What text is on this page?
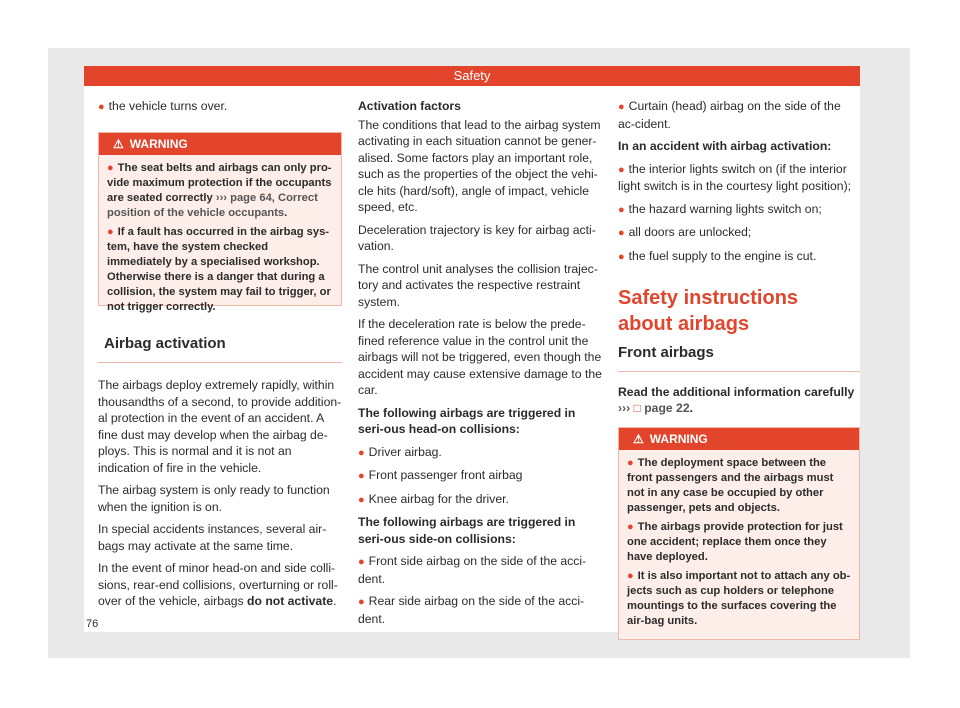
Safety

● the vehicle turns over.

⚠ WARNING
● The seat belts and airbags can only pro-vide maximum protection if the occupants are seated correctly ››› page 64, Correct position of the vehicle occupants.
● If a fault has occurred in the airbag sys-tem, have the system checked immediately by a specialised workshop. Otherwise there is a danger that during a collision, the system may fail to trigger, or not trigger correctly.
Airbag activation

The airbags deploy extremely rapidly, within thousandths of a second, to provide addition-al protection in the event of an accident. A fine dust may develop when the airbag de-ploys. This is normal and it is not an indication of fire in the vehicle.

The airbag system is only ready to function when the ignition is on.

In special accidents instances, several air-bags may activate at the same time.

In the event of minor head-on and side colli-sions, rear-end collisions, overturning or roll-over of the vehicle, airbags do not activate.

Activation factors

The conditions that lead to the airbag system activating in each situation cannot be gener-alised. Some factors play an important role, such as the properties of the object the vehi-cle hits (hard/soft), angle of impact, vehicle speed, etc.

Deceleration trajectory is key for airbag acti-vation.

The control unit analyses the collision trajec-tory and activates the respective restraint system.

If the deceleration rate is below the prede-fined reference value in the control unit the airbags will not be triggered, even though the accident may cause extensive damage to the car.

The following airbags are triggered in seri-ous head-on collisions:

● Driver airbag.

● Front passenger front airbag

● Knee airbag for the driver.

The following airbags are triggered in seri-ous side-on collisions:

● Front side airbag on the side of the acci-dent.

● Rear side airbag on the side of the acci-dent.

● Curtain (head) airbag on the side of the ac-cident.

In an accident with airbag activation:

● the interior lights switch on (if the interior light switch is in the courtesy light position);

● the hazard warning lights switch on;

● all doors are unlocked;

● the fuel supply to the engine is cut.

Safety instructions about airbags
Front airbags

Read the additional information carefully
››› □ page 22.

⚠ WARNING
● The deployment space between the front passengers and the airbags must not in any case be occupied by other passenger, pets and objects.
● The airbags provide protection for just one accident; replace them once they have deployed.
● It is also important not to attach any ob-jects such as cup holders or telephone mountings to the surfaces covering the air-bag units.
76
